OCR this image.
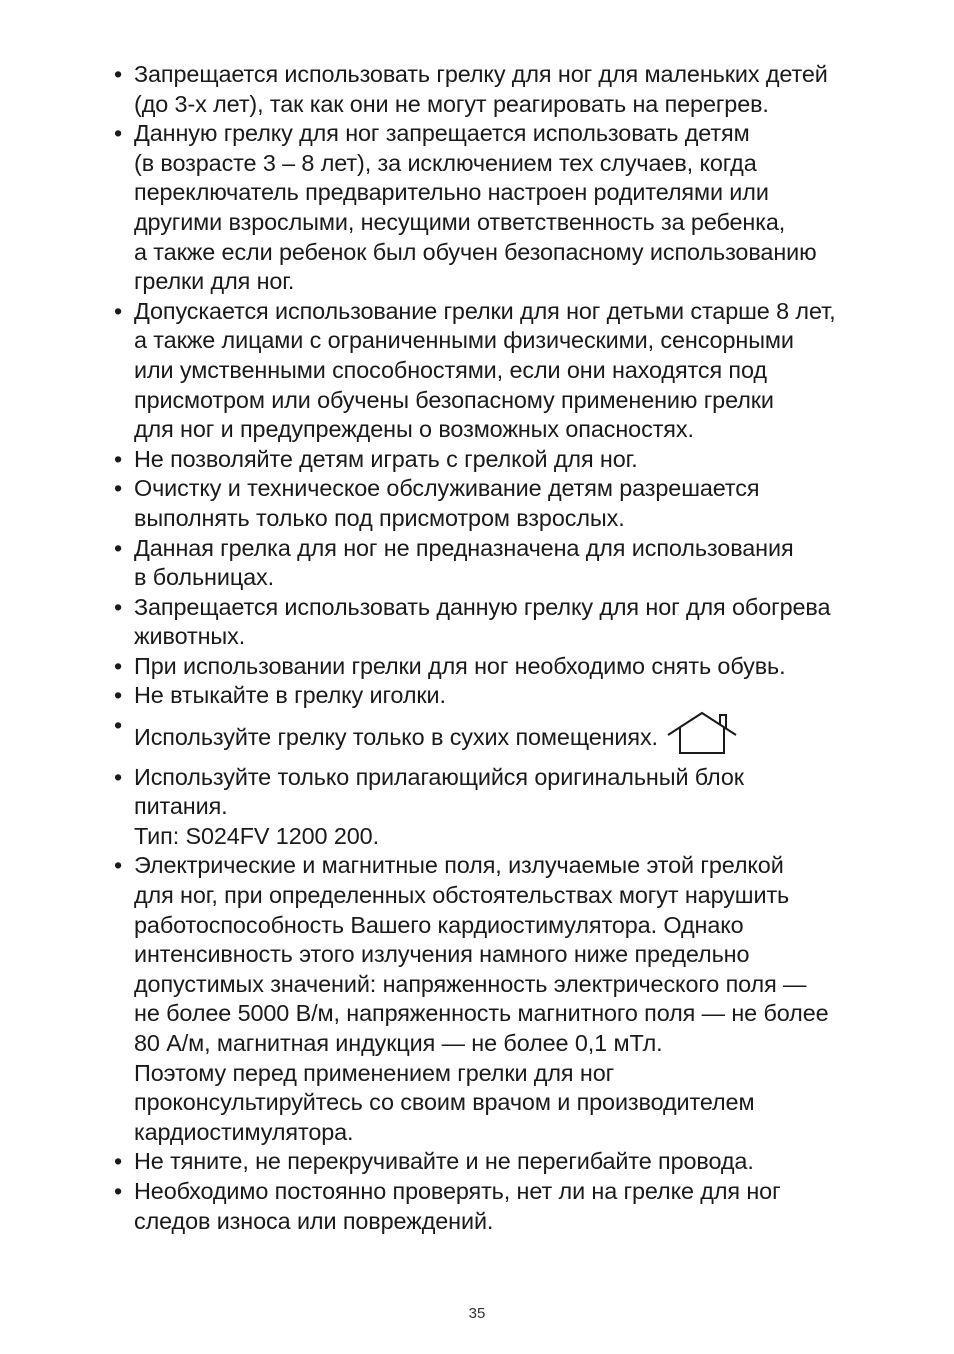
• Запрещается использовать грелку для ног для маленьких детей
(до 3-х лет), так как они не могут реагировать на перегрев.
• Данную грелку для ног запрещается использовать детям
(в возрасте 3 – 8 лет), за исключением тех случаев, когда
переключатель предварительно настроен родителями или
другими взрослыми, несущими ответственность за ребенка,
а также если ребенок был обучен безопасному использованию
грелки для ног.
• Допускается использование грелки для ног детьми старше 8 лет,
а также лицами с ограниченными физическими, сенсорными
или умственными способностями, если они находятся под
присмотром или обучены безопасному применению грелки
для ног и предупреждены о возможных опасностях.
• Не позволяйте детям играть с грелкой для ног.
• Очистку и техническое обслуживание детям разрешается
выполнять только под присмотром взрослых.
• Данная грелка для ног не предназначена для использования
в больницах.
• Запрещается использовать данную грелку для ног для обогрева
животных.
• При использовании грелки для ног необходимо снять обувь.
• Не втыкайте в грелку иголки.
• Используйте грелку только в сухих помещениях.
• Используйте только прилагающийся оригинальный блок
питания.
Тип: S024FV 1200 200.
• Электрические и магнитные поля, излучаемые этой грелкой
для ног, при определенных обстоятельствах могут нарушить
работоспособность Вашего кардиостимулятора. Однако
интенсивность этого излучения намного ниже предельно
допустимых значений: напряженность электрического поля —
не более 5000 В/м, напряженность магнитного поля — не более
80 А/м, магнитная индукция — не более 0,1 мТл.
Поэтому перед применением грелки для ног
проконсультируйтесь со своим врачом и производителем
кардиостимулятора.
• Не тяните, не перекручивайте и не перегибайте провода.
• Необходимо постоянно проверять, нет ли на грелке для ног
следов износа или повреждений.
35
